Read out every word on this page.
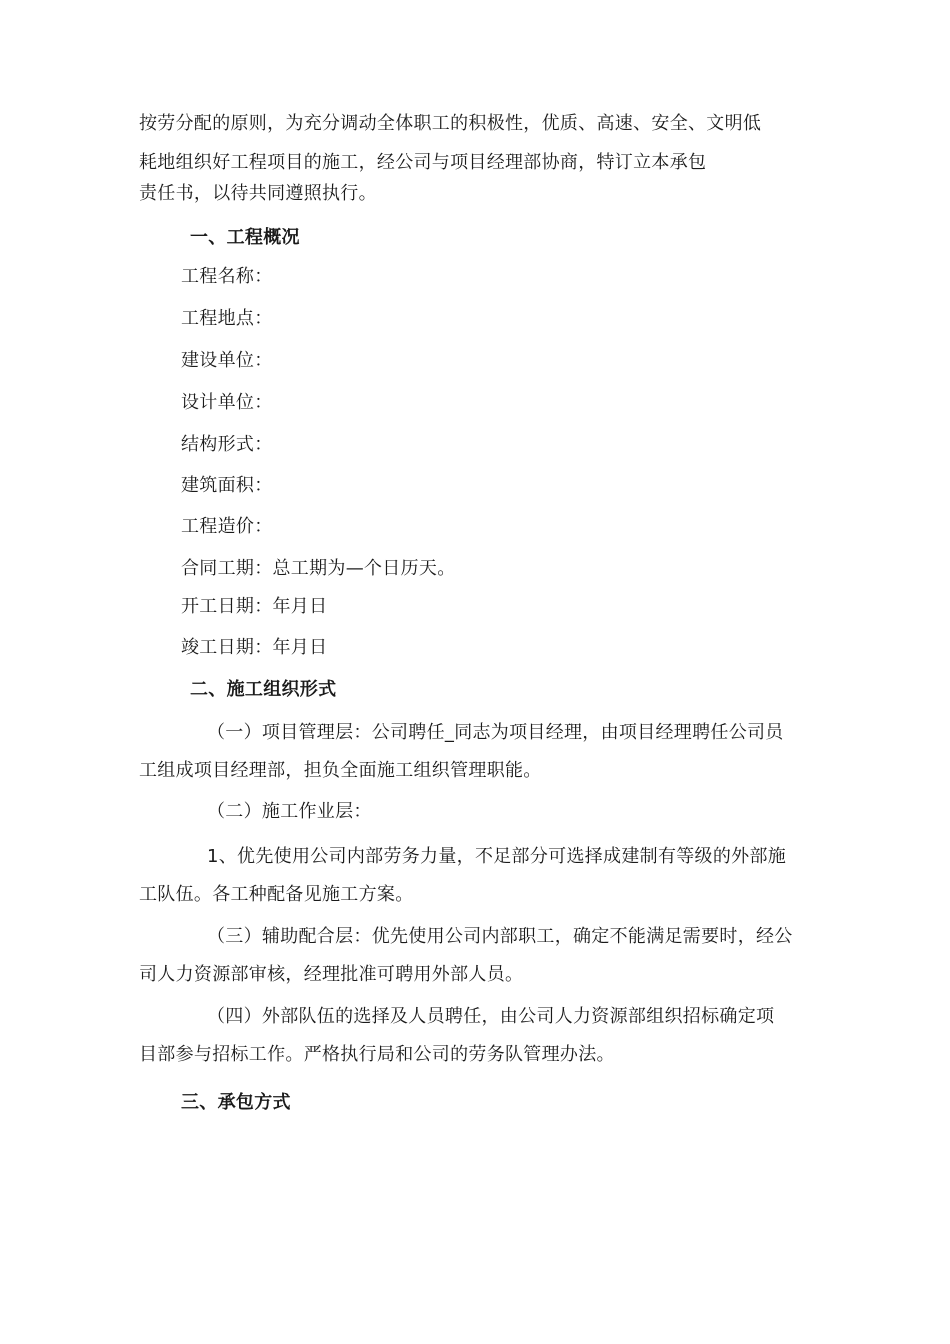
按劳分配的原则，为充分调动全体职工的积极性，优质、高速、安全、文明低
耗地组织好工程项目的施工，经公司与项目经理部协商，特订立本承包
责任书，以待共同遵照执行。
一、工程概况
工程名称：
工程地点：
建设单位：
设计单位：
结构形式：
建筑面积：
工程造价：
合同工期：总工期为—个日历天。
开工日期：年月日
竣工日期：年月日
二、施工组织形式
（一）项目管理层：公司聘任_同志为项目经理，由项目经理聘任公司员
工组成项目经理部，担负全面施工组织管理职能。
（二）施工作业层：
1、优先使用公司内部劳务力量，不足部分可选择成建制有等级的外部施
工队伍。各工种配备见施工方案。
（三）辅助配合层：优先使用公司内部职工，确定不能满足需要时，经公
司人力资源部审核，经理批准可聘用外部人员。
（四）外部队伍的选择及人员聘任，由公司人力资源部组织招标确定项
目部参与招标工作。严格执行局和公司的劳务队管理办法。
三、承包方式
